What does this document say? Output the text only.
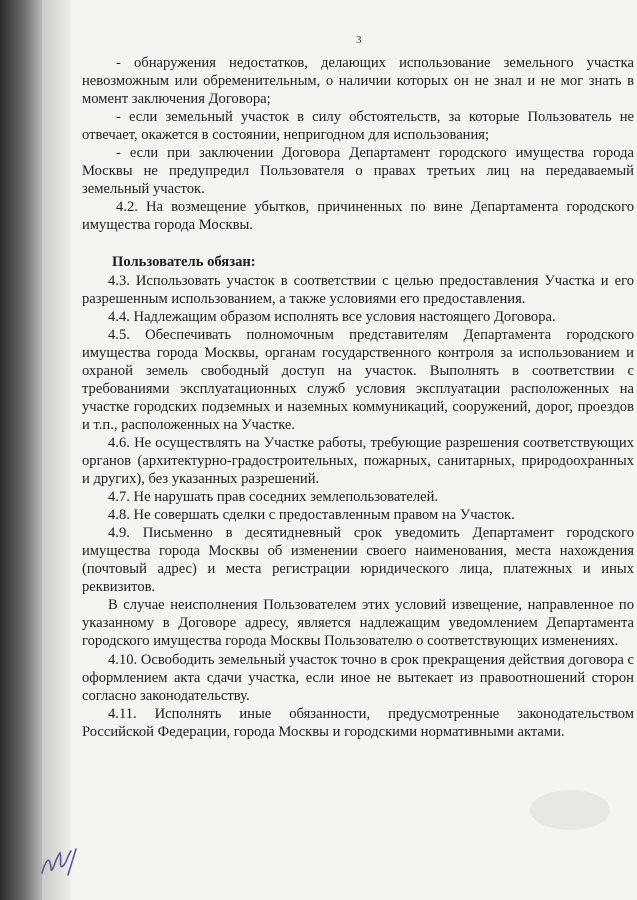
3

- обнаружения недостатков, делающих использование земельного участка невозможным или обременительным, о наличии которых он не знал и не мог знать в момент заключения Договора;

- если земельный участок в силу обстоятельств, за которые Пользователь не отвечает, окажется в состоянии, непригодном для использования;

- если при заключении Договора Департамент городского имущества города Москвы не предупредил Пользователя о правах третьих лиц на передаваемый земельный участок.

4.2. На возмещение убытков, причиненных по вине Департамента городского имущества города Москвы.

Пользователь обязан:

4.3. Использовать участок в соответствии с целью предоставления Участка и его разрешенным использованием, а также условиями его предоставления.

4.4. Надлежащим образом исполнять все условия настоящего Договора.

4.5. Обеспечивать полномочным представителям Департамента городского имущества города Москвы, органам государственного контроля за использованием и охраной земель свободный доступ на участок. Выполнять в соответствии с требованиями эксплуатационных служб условия эксплуатации расположенных на участке городских подземных и наземных коммуникаций, сооружений, дорог, проездов и т.п., расположенных на Участке.

4.6. Не осуществлять на Участке работы, требующие разрешения соответствующих органов (архитектурно-градостроительных, пожарных, санитарных, природоохранных и других), без указанных разрешений.

4.7. Не нарушать прав соседних землепользователей.

4.8. Не совершать сделки с предоставленным правом на Участок.

4.9. Письменно в десятидневный срок уведомить Департамент городского имущества города Москвы об изменении своего наименования, места нахождения (почтовый адрес) и места регистрации юридического лица, платежных и иных реквизитов.

В случае неисполнения Пользователем этих условий извещение, направленное по указанному в Договоре адресу, является надлежащим уведомлением Департамента городского имущества города Москвы Пользователю о соответствующих изменениях.

4.10. Освободить земельный участок точно в срок прекращения действия договора с оформлением акта сдачи участка, если иное не вытекает из правоотношений сторон согласно законодательству.

4.11. Исполнять иные обязанности, предусмотренные законодательством Российской Федерации, города Москвы и городскими нормативными актами.
